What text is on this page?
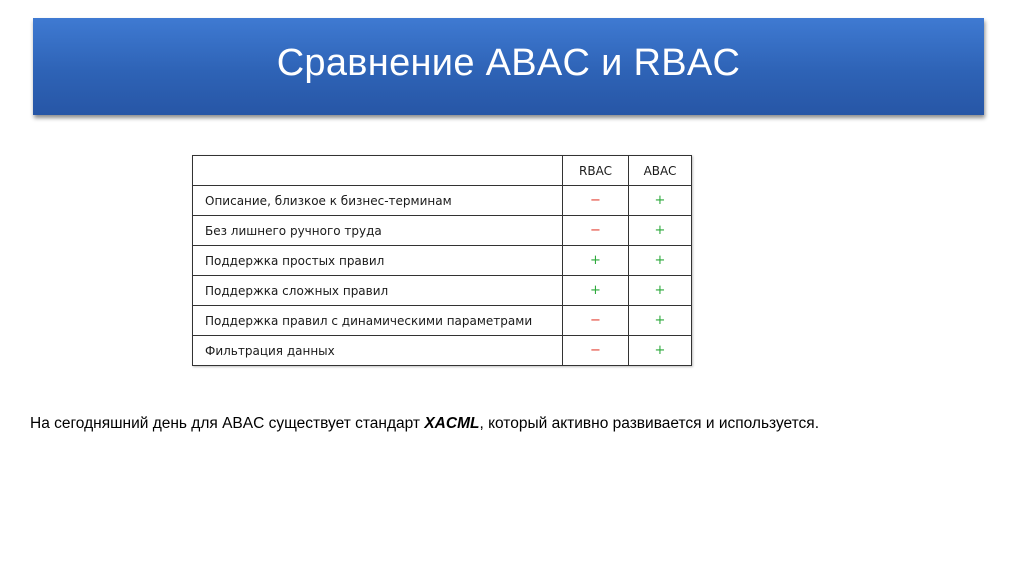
Сравнение ABAC и RBAC
	RBAC	ABAC
Описание, близкое к бизнес-терминам	−	+
Без лишнего ручного труда	−	+
Поддержка простых правил	+	+
Поддержка сложных правил	+	+
Поддержка правил с динамическими параметрами	−	+
Фильтрация данных	−	+
На сегодняшний день для ABAC существует стандарт XACML, который активно развивается и используется.
